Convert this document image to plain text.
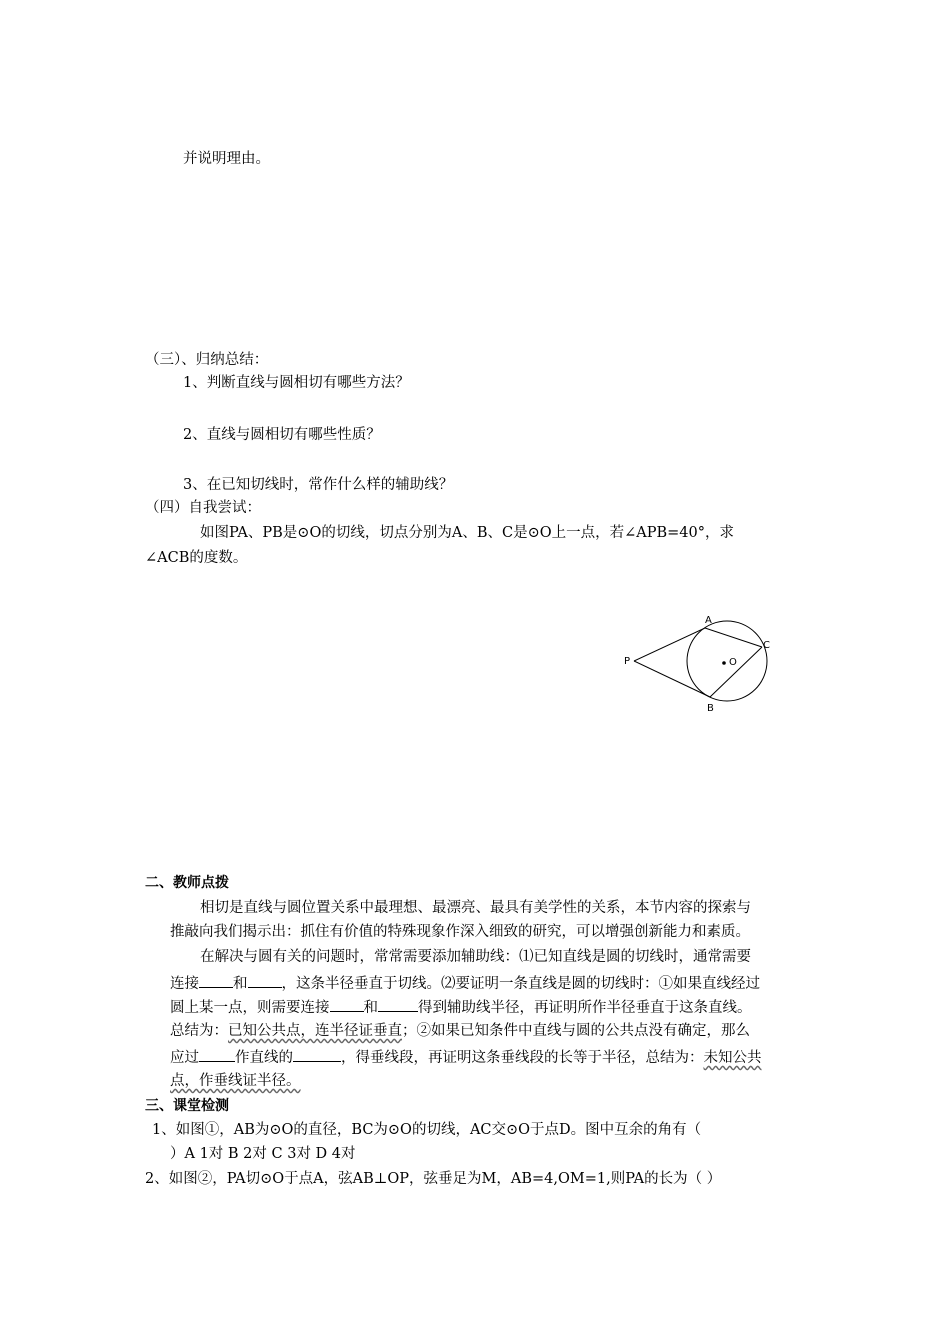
并说明理由。
（三）、归纳总结：
1、判断直线与圆相切有哪些方法？
2、直线与圆相切有哪些性质？
3、在已知切线时，常作什么样的辅助线？
（四）自我尝试：
如图PA、PB是⊙O的切线，切点分别为A、B、C是⊙O上一点，若∠APB=40°，求
∠ACB的度数。
A
C
P	O
B
二、教师点拨
相切是直线与圆位置关系中最理想、最漂亮、最具有美学性的关系，本节内容的探索与
推敲向我们揭示出：抓住有价值的特殊现象作深入细致的研究，可以增强创新能力和素质。
在解决与圆有关的问题时，常常需要添加辅助线：⑴已知直线是圆的切线时，通常需要
连接 和 ，这条半径垂直于切线。⑵要证明一条直线是圆的切线时：①如果直线经过
圆上某一点，则需要连接 和	得到辅助线半径，再证明所作半径垂直于这条直线。
总结为：已知公共点，连半径证垂直；②如果已知条件中直线与圆的公共点没有确定，那么
应过 作直线的	，得垂线段，再证明这条垂线段的长等于半径，总结为：未知公共
点，作垂线证半径。
三、课堂检测
1、如图①，AB为⊙O的直径，BC为⊙O的切线，AC交⊙O于点D。图中互余的角有（
）A 1对 B 2对 C 3对 D 4对
2、如图②，PA切⊙O于点A，弦AB⊥OP，弦垂足为M，AB=4,OM=1,则PA的长为（ ）
